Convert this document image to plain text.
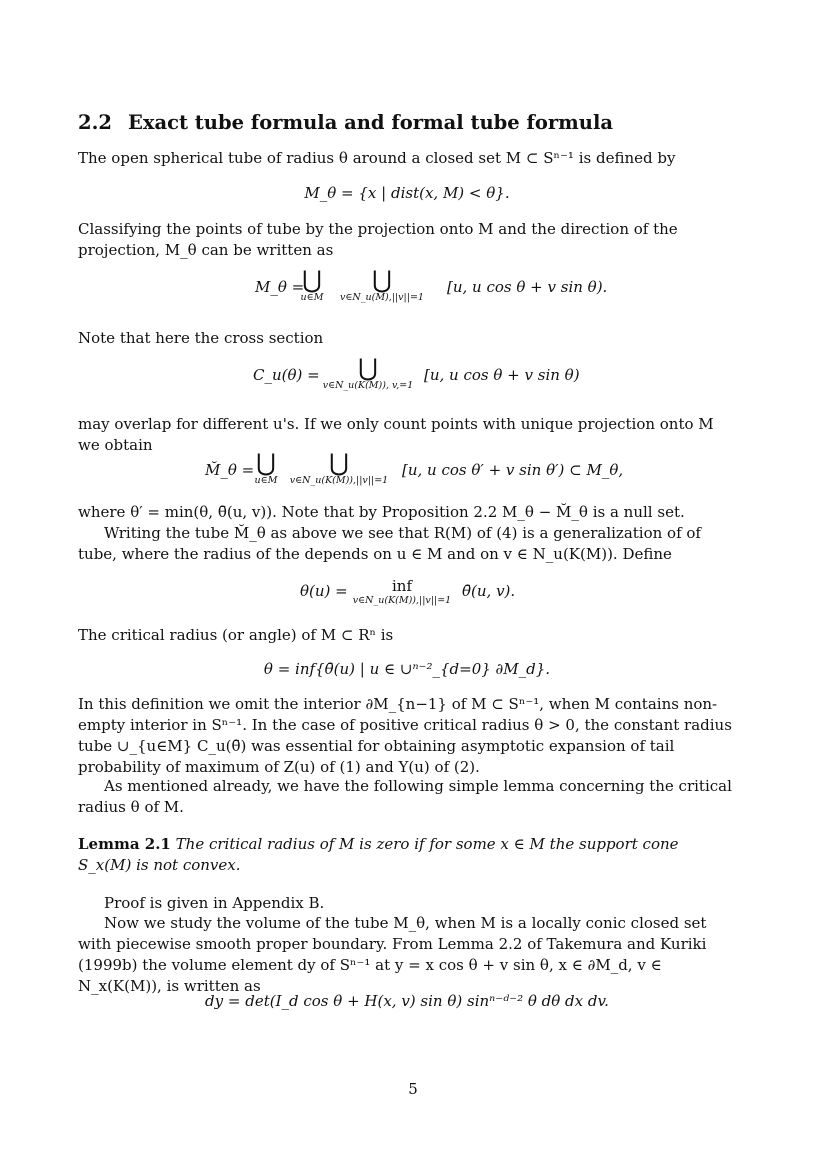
2.2 Exact tube formula and formal tube formula
The open spherical tube of radius θ around a closed set M ⊂ Sⁿ⁻¹ is defined by
M_θ = {x | dist(x, M) < θ}.
Classifying the points of tube by the projection onto M and the direction of the projection, M_θ can be written as
M_θ =
⋃
u∈M
⋃
v∈N_u(M),||v||=1
[u, u cos θ + v sin θ).
Note that here the cross section
C_u(θ) =	⋃
v∈N_u(K(M)), v,=1
[u, u cos θ + v sin θ)
may overlap for different u's. If we only count points with unique projection onto M we obtain
M̆_θ = ⋃
u∈M
⋃
v∈N_u(K(M)),||v||=1
[u, u cos θ′ + v sin θ′) ⊂ M_θ,
where θ′ = min(θ, θ̄(u, v)). Note that by Proposition 2.2 M_θ − M̆_θ is a null set.
Writing the tube M̆_θ as above we see that R(M) of (4) is a generalization of of tube, where the radius of the depends on u ∈ M and on v ∈ N_u(K(M)). Define
θ(u) =	inf
v∈N_u(K(M)),||v||=1
θ̄(u, v).
The critical radius (or angle) of M ⊂ Rⁿ is
θ = inf{θ̄(u) | u ∈ ∪ⁿ⁻²_{d=0} ∂M_d}.
In this definition we omit the interior ∂M_{n−1} of M ⊂ Sⁿ⁻¹, when M contains non-empty interior in Sⁿ⁻¹. In the case of positive critical radius θ > 0, the constant radius tube ∪_{u∈M} C_u(θ̄) was essential for obtaining asymptotic expansion of tail probability of maximum of Z(u) of (1) and Y(u) of (2).
As mentioned already, we have the following simple lemma concerning the critical radius θ of M.
Lemma 2.1 The critical radius of M is zero if for some x ∈ M the support cone S_x(M) is not convex.
Proof is given in Appendix B.
Now we study the volume of the tube M_θ, when M is a locally conic closed set with piecewise smooth proper boundary. From Lemma 2.2 of Takemura and Kuriki (1999b) the volume element dy of Sⁿ⁻¹ at y = x cos θ + v sin θ, x ∈ ∂M_d, v ∈ N_x(K(M)), is written as
dy = det(I_d cos θ + H(x, v) sin θ) sinⁿ⁻ᵈ⁻² θ dθ dx dv.
5
